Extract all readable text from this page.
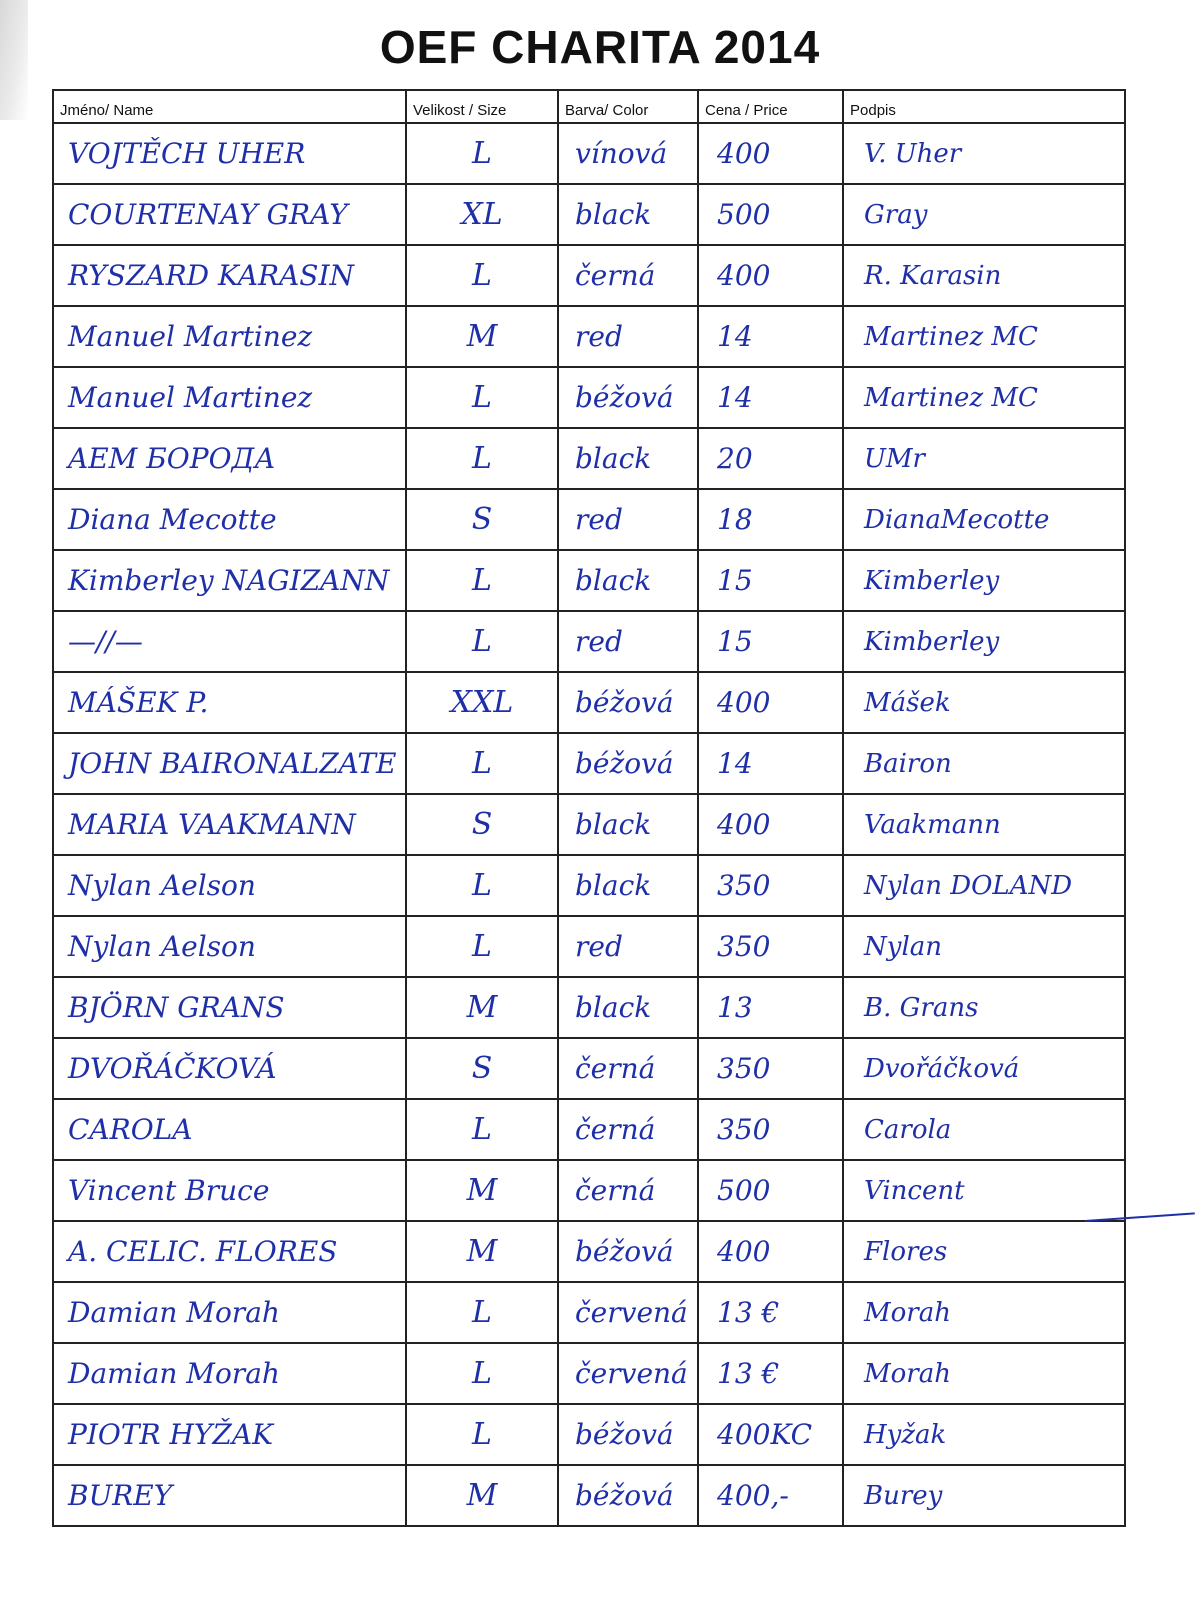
OEF CHARITA 2014
Jméno/ Name	Velikost / Size	Barva/ Color	Cena / Price	Podpis
VOJTĚCH UHER	L	vínová	400	V. Uher
COURTENAY GRAY	XL	black	500	Gray
RYSZARD KARASIN	L	černá	400	R. Karasin
Manuel Martinez	M	red	14	Martinez MC
Manuel Martinez	L	béžová	14	Martinez MC
AEM БОРОДА	L	black	20	UMr
Diana Mecotte	S	red	18	DianaMecotte
Kimberley NAGIZANN	L	black	15	Kimberley
—//—	L	red	15	Kimberley
MÁŠEK P.	XXL	béžová	400	Mášek
JOHN BAIRONALZATE	L	béžová	14	Bairon
MARIA VAAKMANN	S	black	400	Vaakmann
Nylan Aelson	L	black	350	Nylan DOLAND
Nylan Aelson	L	red	350	Nylan
BJÖRN GRANS	M	black	13	B. Grans
DVOŘÁČKOVÁ	S	černá	350	Dvořáčková
CAROLA	L	černá	350	Carola
Vincent Bruce	M	černá	500	Vincent
A. CELIC. FLORES	M	béžová	400	Flores
Damian Morah	L	červená	13 €	Morah
Damian Morah	L	červená	13 €	Morah
PIOTR HYŽAK	L	béžová	400KC	Hyžak
BUREY	M	béžová	400,-	Burey
